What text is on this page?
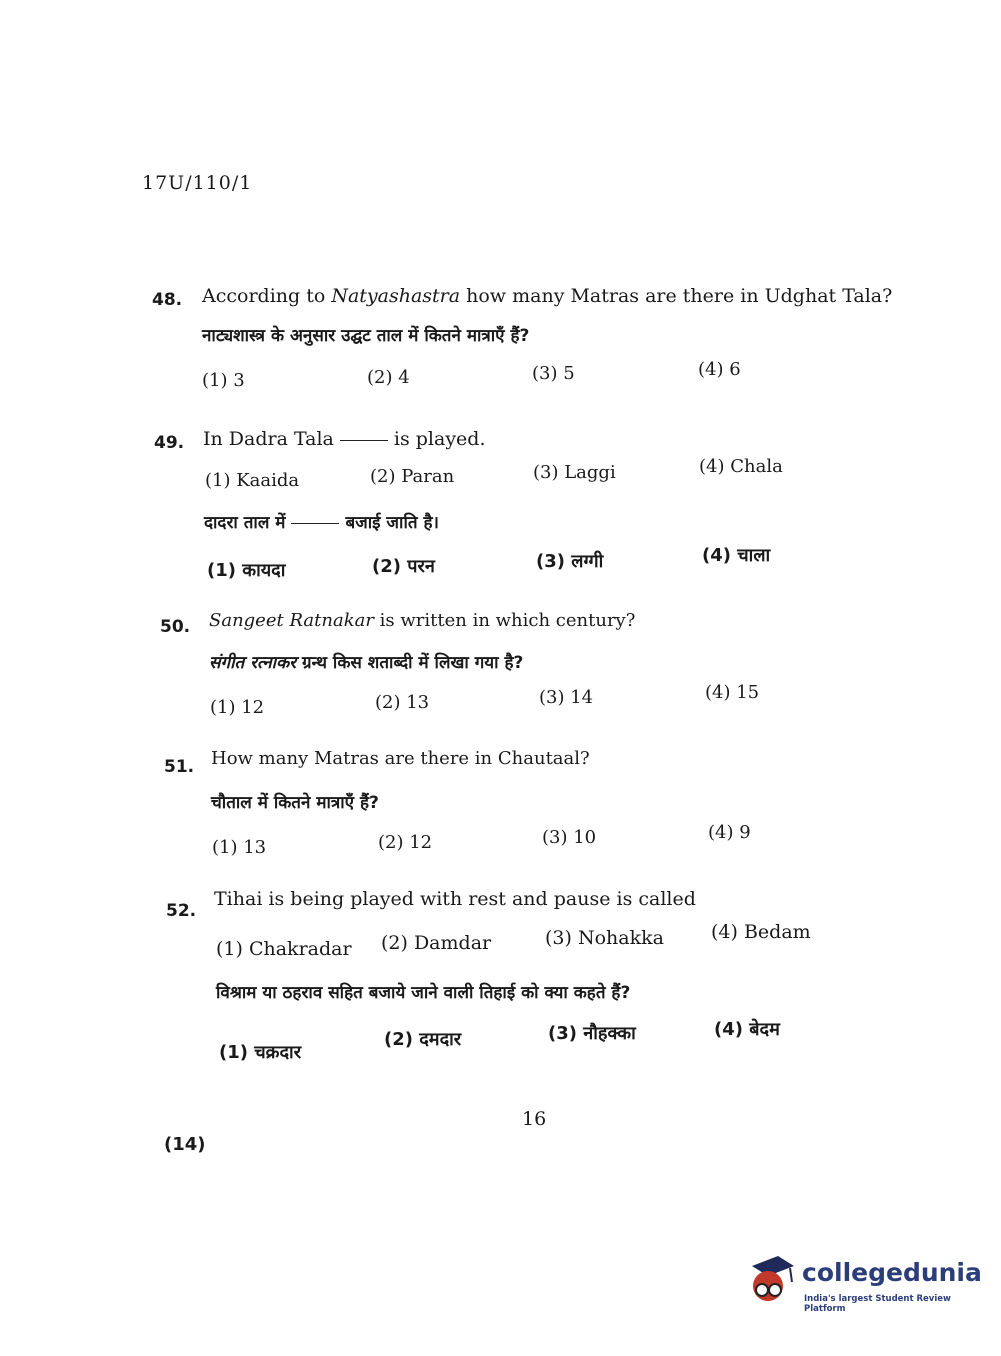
17U/110/1
48. According to Natyashastra how many Matras are there in Udghat Tala?
नाट्यशास्त्र के अनुसार उद्घट ताल में कितने मात्राएँ हैं?
(1) 3	(2) 4	(3) 5	(4) 6
49. In Dadra Tala	is played.
(1) Kaaida	(2) Paran	(3) Laggi	(4) Chala
दादरा ताल में	बजाई जाति है।
(1) कायदा	(2) परन	(3) लग्गी	(4) चाला
50. Sangeet Ratnakar is written in which century?
संगीत रत्नाकर ग्रन्थ किस शताब्दी में लिखा गया है?
(1) 12	(2) 13	(3) 14	(4) 15
51. How many Matras are there in Chautaal?
चौताल में कितने मात्राएँ हैं?
(1) 13	(2) 12	(3) 10	(4) 9
52.
Tihai is being played with rest and pause is called
(1) Chakradar (2) Damdar	(3) Nohakka (4) Bedam
विश्राम या ठहराव सहित बजाये जाने वाली तिहाई को क्या कहते हैं?
(1) चक्रदार
(2) दमदार	(3) नौहक्का	(4) बेदम
16
(14)
collegedunia
India's largest Student Review Platform
